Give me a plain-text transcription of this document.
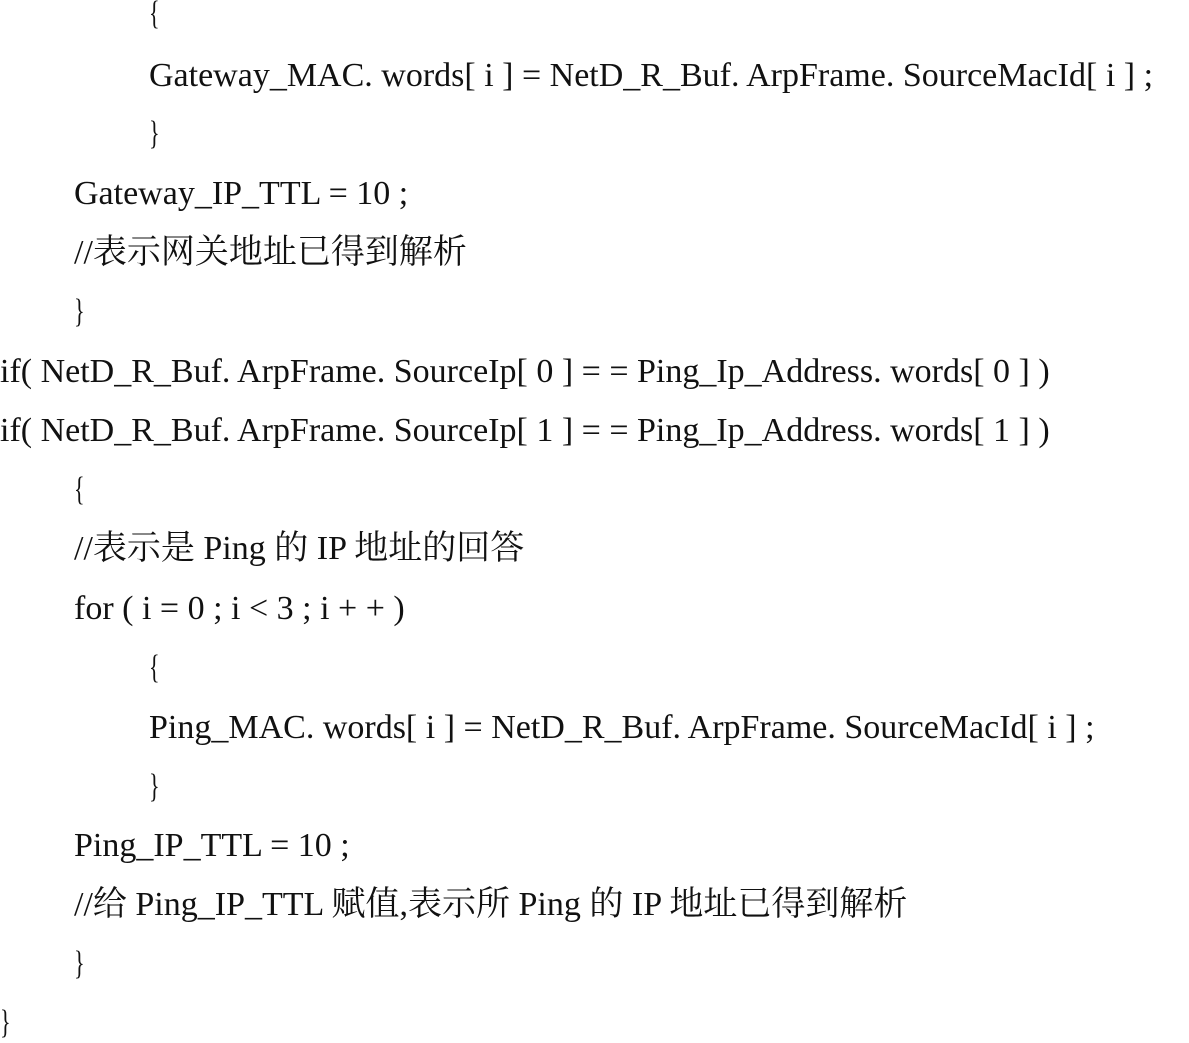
{
Gateway_MAC. words[ i ] = NetD_R_Buf. ArpFrame. SourceMacId[ i ] ;
}
Gateway_IP_TTL = 10 ;
//表示网关地址已得到解析
}
if( NetD_R_Buf. ArpFrame. SourceIp[ 0 ] = = Ping_Ip_Address. words[ 0 ] )
if( NetD_R_Buf. ArpFrame. SourceIp[ 1 ] = = Ping_Ip_Address. words[ 1 ] )
{
//表示是 Ping 的 IP 地址的回答
for ( i = 0 ; i < 3 ; i + + )
{
Ping_MAC. words[ i ] = NetD_R_Buf. ArpFrame. SourceMacId[ i ] ;
}
Ping_IP_TTL = 10 ;
//给 Ping_IP_TTL 赋值,表示所 Ping 的 IP 地址已得到解析
}
}
